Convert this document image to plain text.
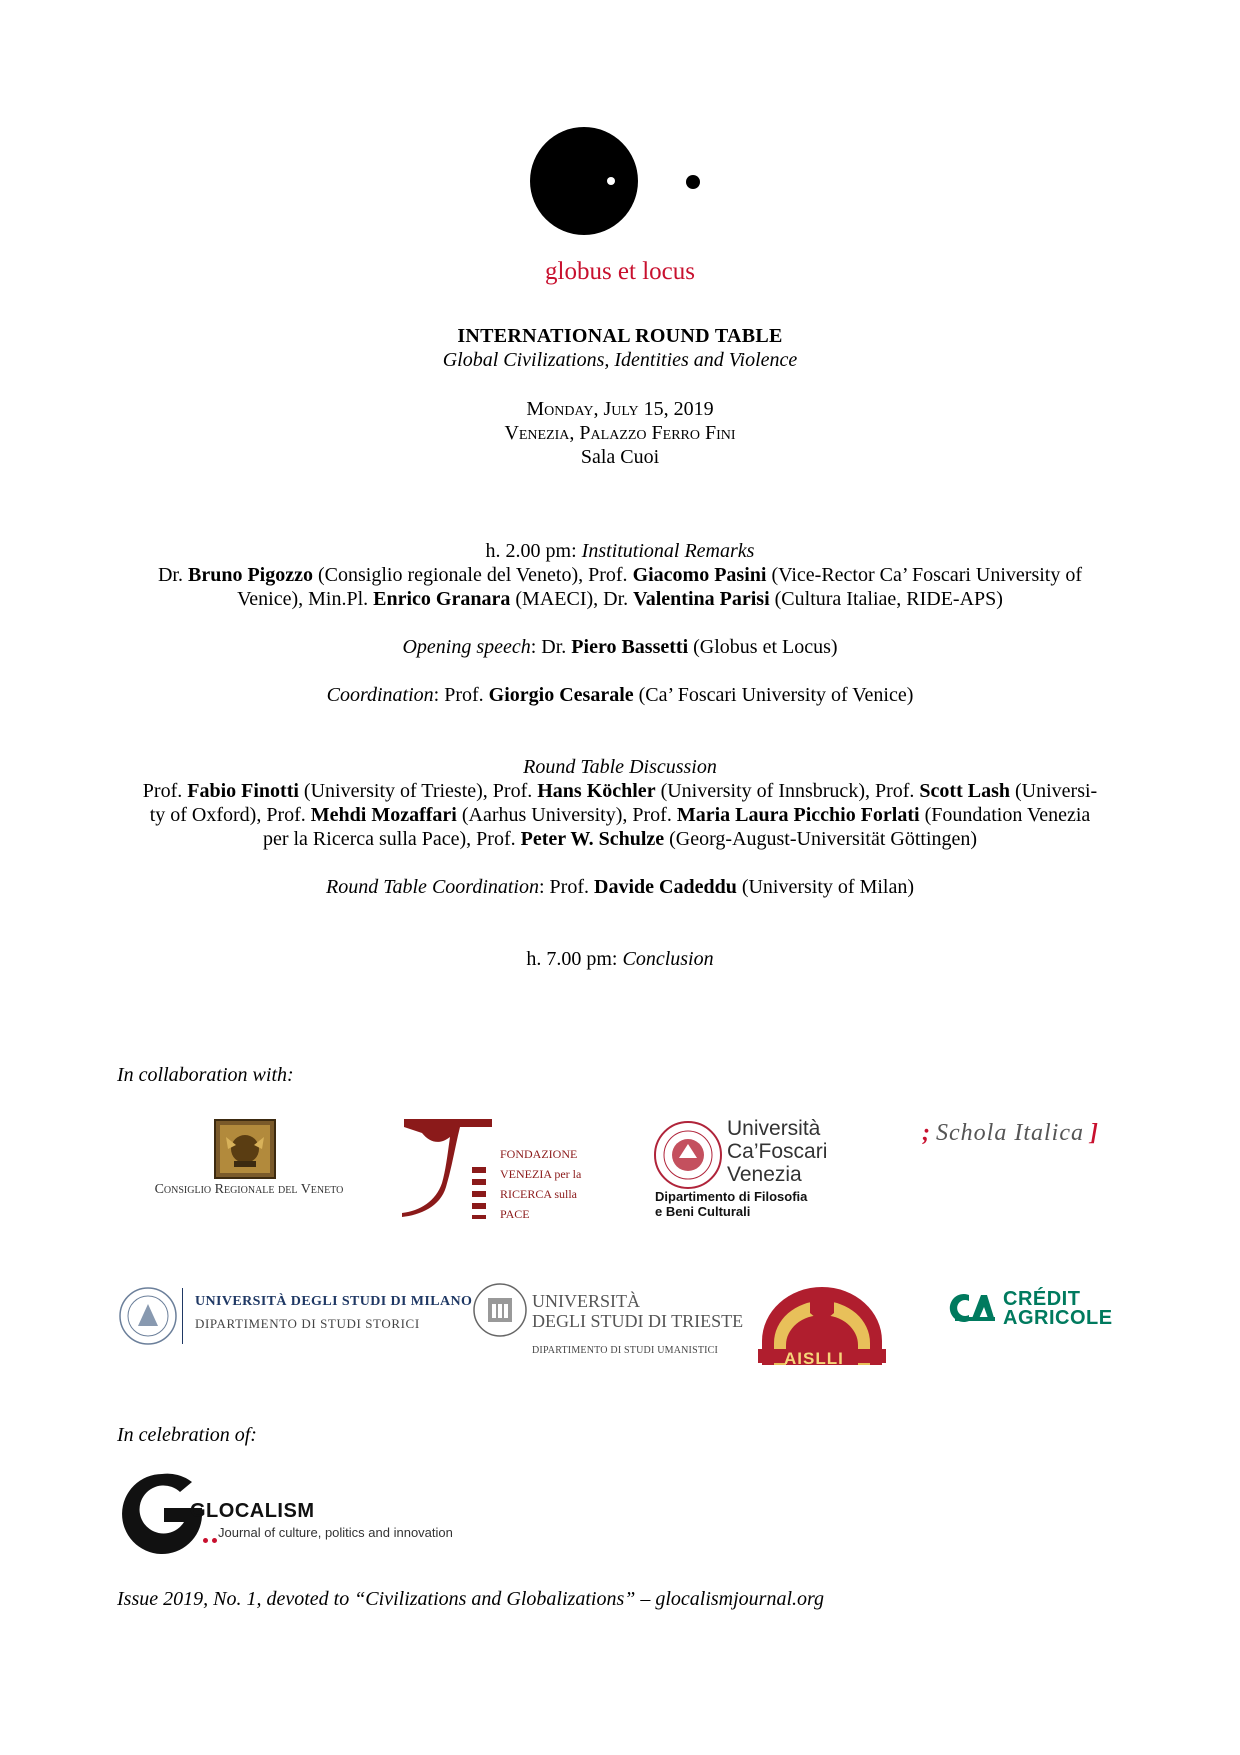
globus et locus
INTERNATIONAL ROUND TABLE
Global Civilizations, Identities and Violence
Monday, July 15, 2019
Venezia, Palazzo Ferro Fini
Sala Cuoi
h. 2.00 pm: Institutional Remarks
Dr. Bruno Pigozzo (Consiglio regionale del Veneto), Prof. Giacomo Pasini (Vice-Rector Ca’ Foscari University of
Venice), Min.Pl. Enrico Granara (MAECI), Dr. Valentina Parisi (Cultura Italiae, RIDE-APS)
Opening speech: Dr. Piero Bassetti (Globus et Locus)
Coordination: Prof. Giorgio Cesarale (Ca’ Foscari University of Venice)
Round Table Discussion
Prof. Fabio Finotti (University of Trieste), Prof. Hans Köchler (University of Innsbruck), Prof. Scott Lash (Universi-
ty of Oxford), Prof. Mehdi Mozaffari (Aarhus University), Prof. Maria Laura Picchio Forlati (Foundation Venezia
per la Ricerca sulla Pace), Prof. Peter W. Schulze (Georg-August-Universität Göttingen)
Round Table Coordination: Prof. Davide Cadeddu (University of Milan)
h. 7.00 pm: Conclusion
In collaboration with:
Consiglio Regionale del Veneto
FONDAZIONE
VENEZIA per la
RICERCA sulla
PACE
Università
Ca’Foscari
Venezia
Dipartimento di Filosofia
e Beni Culturali
; Schola Italica ]
UNIVERSITÀ DEGLI STUDI DI MILANO
DIPARTIMENTO DI STUDI STORICI
UNIVERSITÀ
DEGLI STUDI DI TRIESTE
DIPARTIMENTO DI STUDI UMANISTICI	AISLLI
CRÉDIT
AGRICOLE
In celebration of:
GLOCALISM

Journal of culture, politics and innovation
Issue 2019, No. 1, devoted to “Civilizations and Globalizations” – glocalismjournal.org
